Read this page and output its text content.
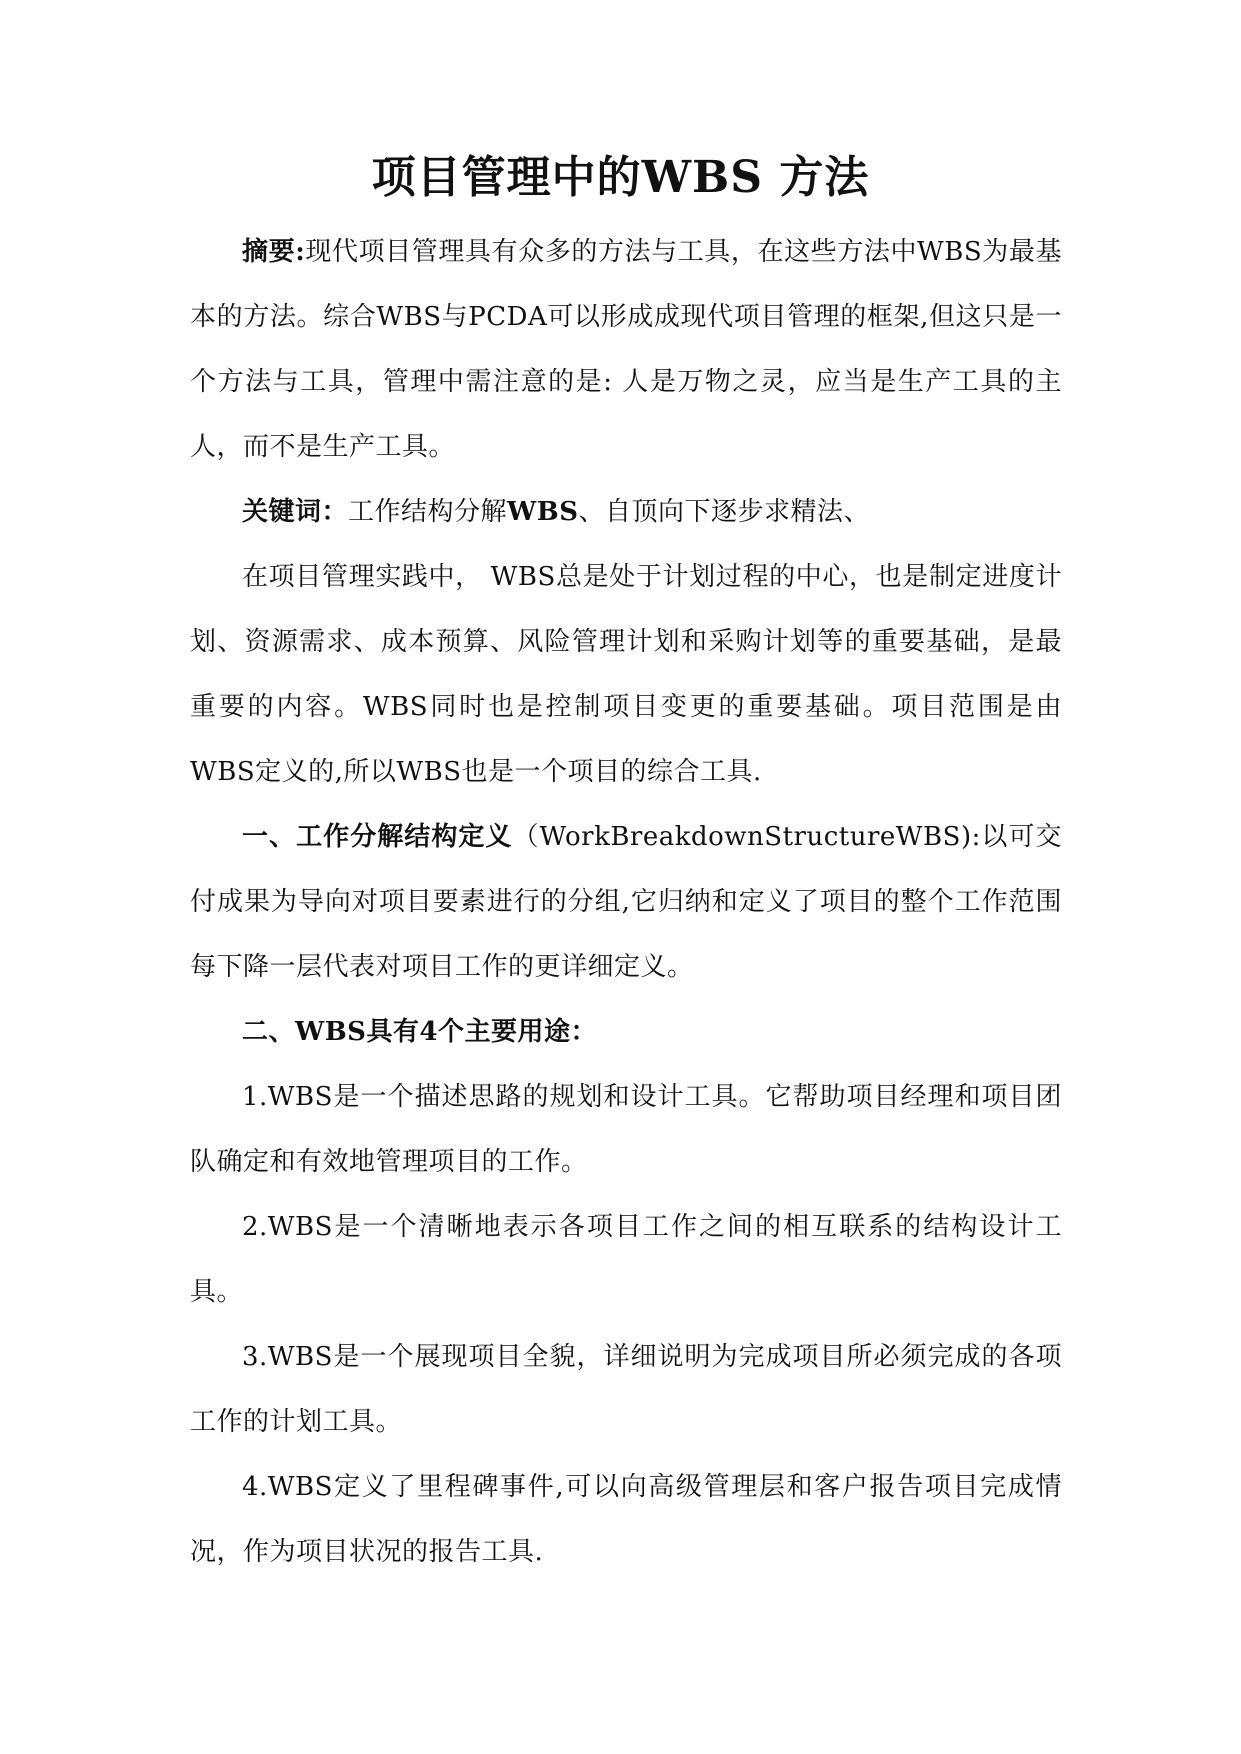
项目管理中的WBS 方法

摘要:现代项目管理具有众多的方法与工具，在这些方法中WBS为最基本的方法。综合WBS与PCDA可以形成成现代项目管理的框架,但这只是一个方法与工具，管理中需注意的是: 人是万物之灵，应当是生产工具的主人，而不是生产工具。

关键词：工作结构分解WBS、自顶向下逐步求精法、

在项目管理实践中， WBS总是处于计划过程的中心，也是制定进度计划、资源需求、成本预算、风险管理计划和采购计划等的重要基础，是最重要的内容。WBS同时也是控制项目变更的重要基础。项目范围是由WBS定义的,所以WBS也是一个项目的综合工具.

一、工作分解结构定义（WorkBreakdownStructureWBS):以可交付成果为导向对项目要素进行的分组,它归纳和定义了项目的整个工作范围每下降一层代表对项目工作的更详细定义。

二、WBS具有4个主要用途：

1.WBS是一个描述思路的规划和设计工具。它帮助项目经理和项目团队确定和有效地管理项目的工作。

2.WBS是一个清晰地表示各项目工作之间的相互联系的结构设计工具。

3.WBS是一个展现项目全貌，详细说明为完成项目所必须完成的各项工作的计划工具。

4.WBS定义了里程碑事件,可以向高级管理层和客户报告项目完成情况，作为项目状况的报告工具.
